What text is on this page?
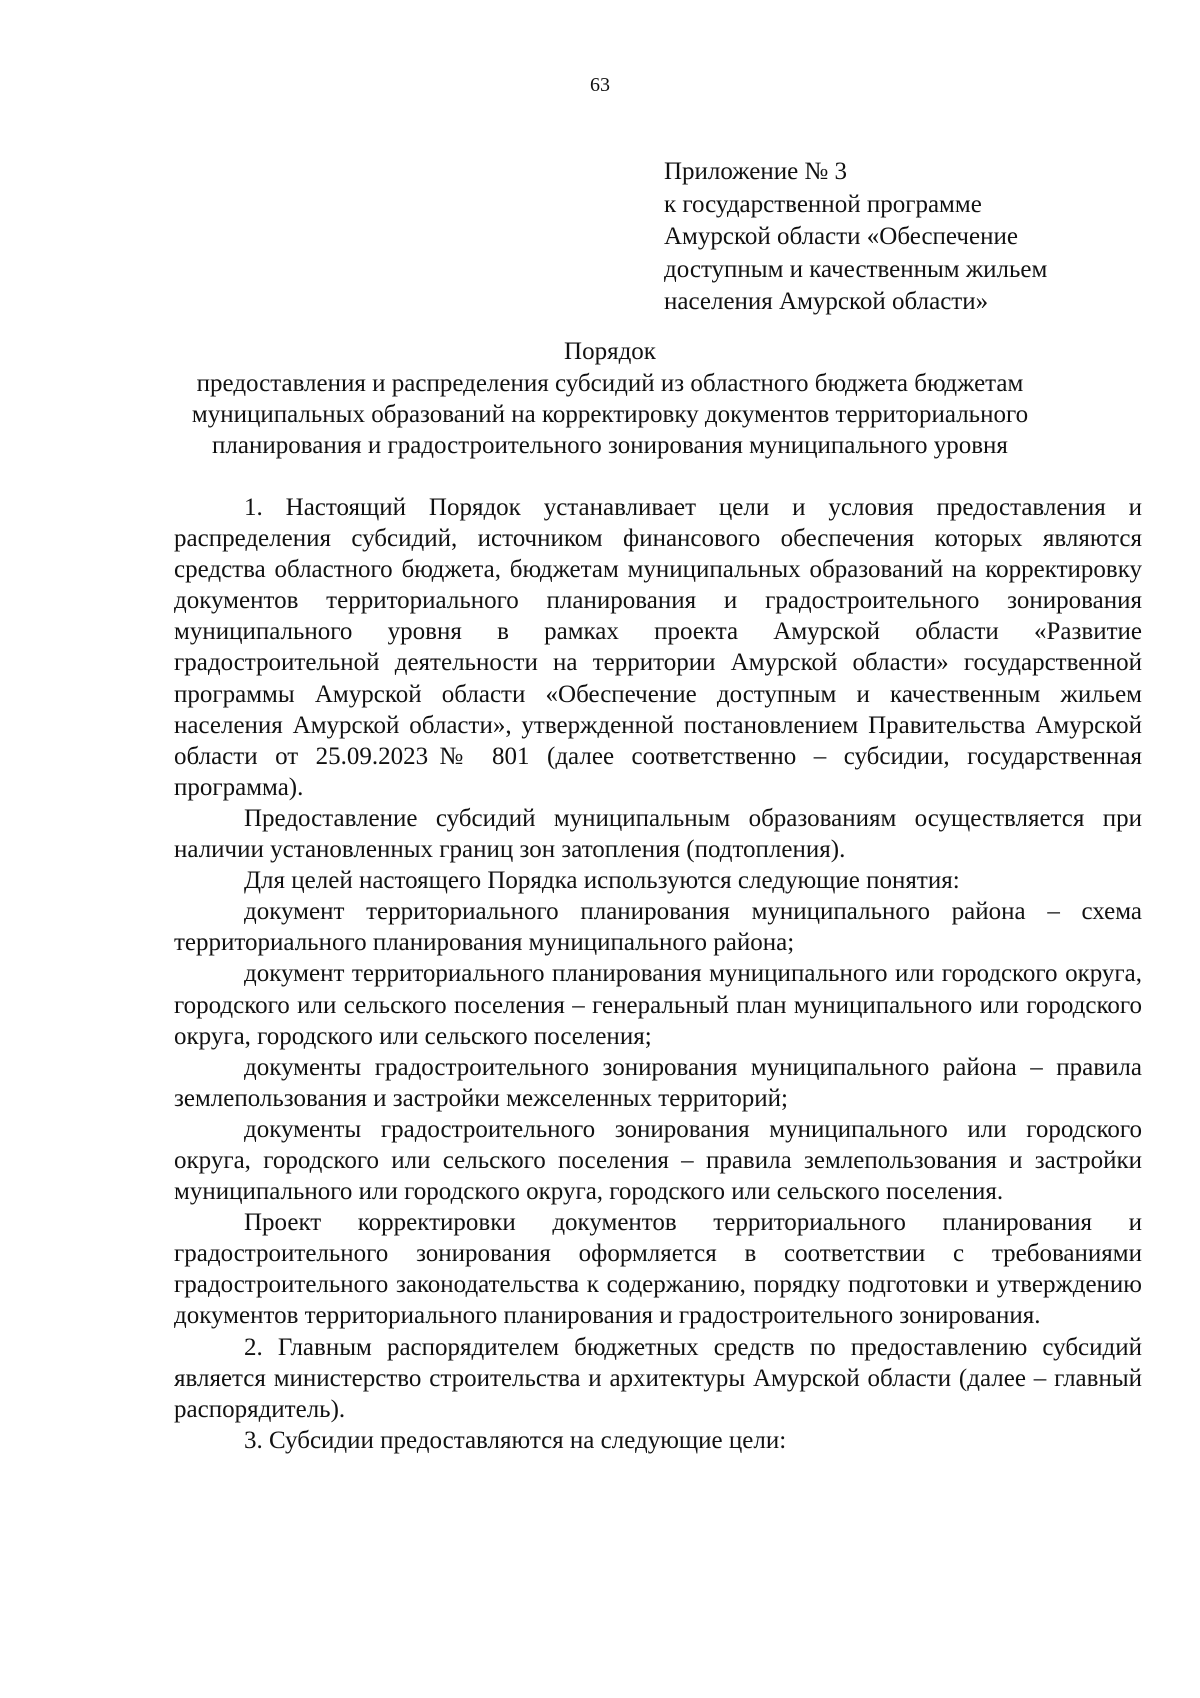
63
Приложение № 3
к государственной программе
Амурской области «Обеспечение
доступным и качественным жильем
населения Амурской области»
Порядок
предоставления и распределения субсидий из областного бюджета бюджетам
муниципальных образований на корректировку документов территориального
планирования и градостроительного зонирования муниципального уровня

1. Настоящий Порядок устанавливает цели и условия предоставления и распределения субсидий, источником финансового обеспечения которых являются средства областного бюджета, бюджетам муниципальных образований на корректировку документов территориального планирования и градостроительного зонирования муниципального уровня в рамках проекта Амурской области «Развитие градостроительной деятельности на территории Амурской области» государственной программы Амурской области «Обеспечение доступным и качественным жильем населения Амурской области», утвержденной постановлением Правительства Амурской области от 25.09.2023№ 801 (далее соответственно – субсидии, государственная программа).

Предоставление субсидий муниципальным образованиям осуществляется при наличии установленных границ зон затопления (подтопления).

Для целей настоящего Порядка используются следующие понятия:

документ территориального планирования муниципального района – схема территориального планирования муниципального района;

документ территориального планирования муниципального или городского округа, городского или сельского поселения – генеральный план муниципального или городского округа, городского или сельского поселения;

документы градостроительного зонирования муниципального района – правила землепользования и застройки межселенных территорий;

документы градостроительного зонирования муниципального или городского округа, городского или сельского поселения – правила землепользования и застройки муниципального или городского округа, городского или сельского поселения.

Проект корректировки документов территориального планирования и градостроительного зонирования оформляется в соответствии с требованиями градостроительного законодательства к содержанию, порядку подготовки и утверждению документов территориального планирования и градостроительного зонирования.

2. Главным распорядителем бюджетных средств по предоставлению субсидий является министерство строительства и архитектуры Амурской области (далее – главный распорядитель).

3. Субсидии предоставляются на следующие цели:
